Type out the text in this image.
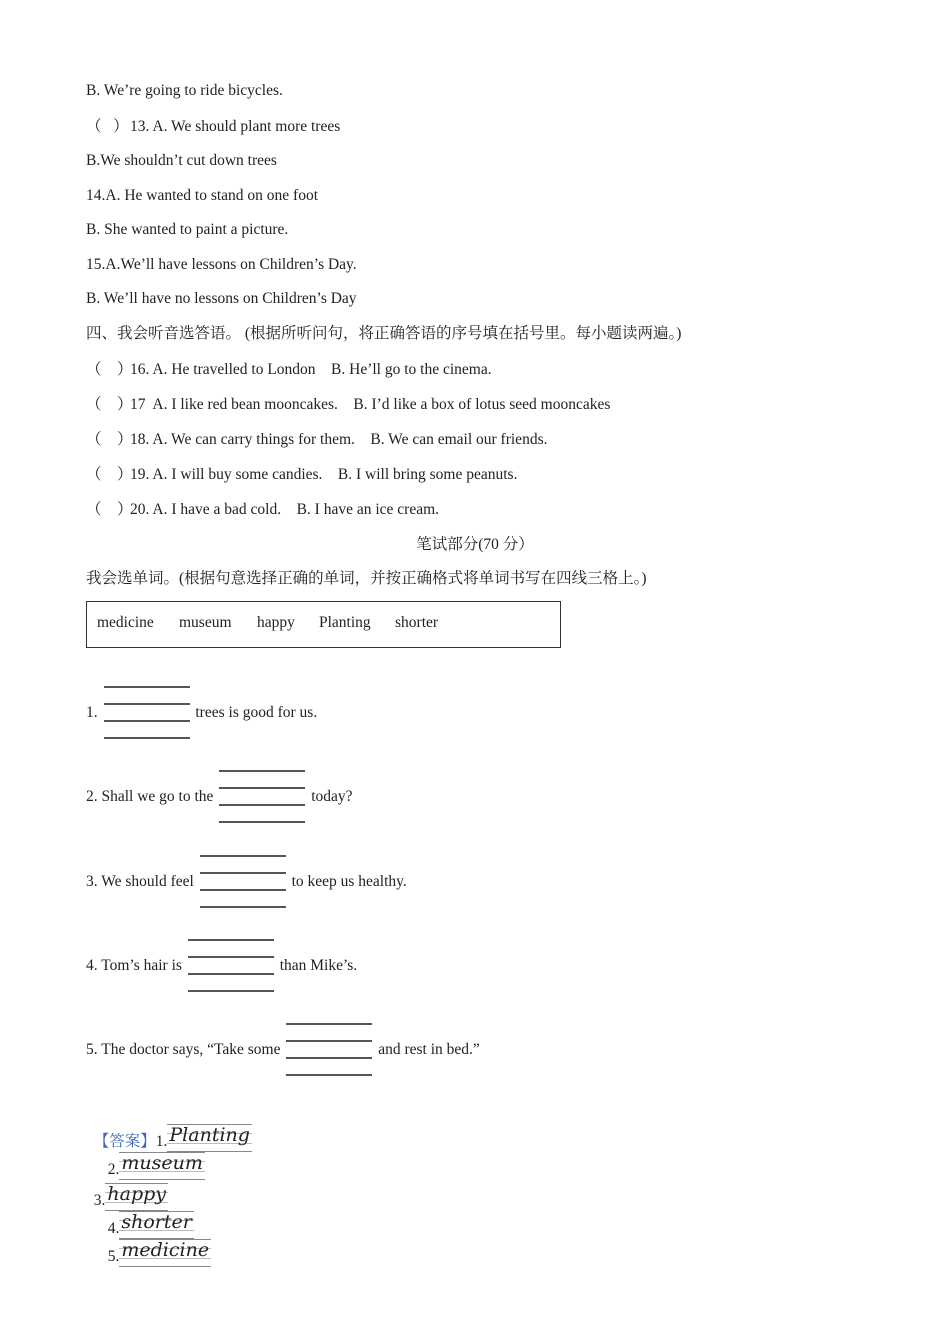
B. We’re going to ride bicycles.
（   ）13. A. We should plant more trees
B.We shouldn’t cut down trees
14.A. He wanted to stand on one foot
B. She wanted to paint a picture.
15.A.We’ll have lessons on Children’s Day.
B. We’ll have no lessons on Children’s Day
四、我会听音选答语。 (根据所听问句，将正确答语的序号填在括号里。每小题读两遍。)
（    ）16. A. He travelled to London    B. He’ll go to the cinema.
（    ）17  A. I like red bean mooncakes.    B. I’d like a box of lotus seed mooncakes
（    ）18. A. We can carry things for them.    B. We can email our friends.
（    ）19. A. I will buy some candies.    B. I will bring some peanuts.
（    ）20. A. I have a bad cold.    B. I have an ice cream.
笔试部分(70 分）
我会选单词。(根据句意选择正确的单词，并按正确格式将单词书写在四线三格上。)
medicine museum happy Planting shorter
1.	trees is good for us.
2. Shall we go to the	today?
3. We should feel	to keep us healthy.
4. Tom’s hair is	than Mike’s.
5. The doctor says, “Take some	and rest in bed.”

【答案】1. Planting
2. museum

3. happy
4. shorter
5. medicine
